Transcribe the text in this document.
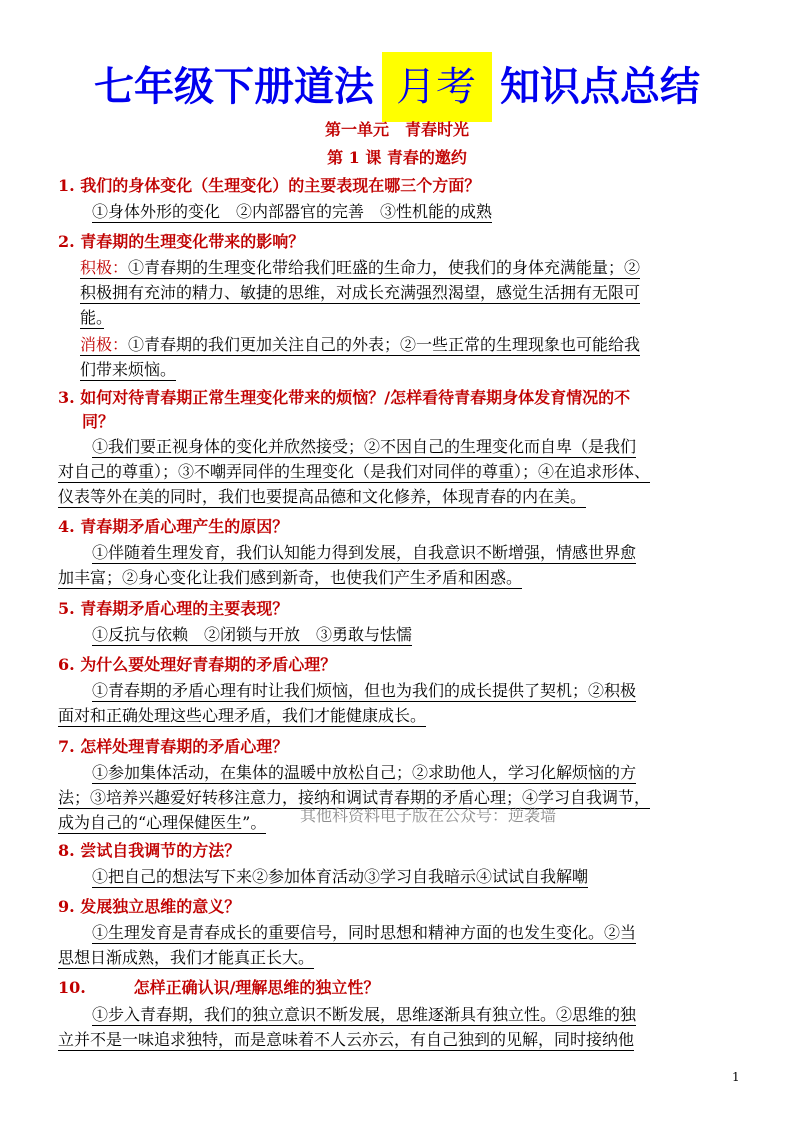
七年级下册道法 月考 知识点总结
第一单元　青春时光
第 1 课 青春的邀约
1. 我们的身体变化（生理变化）的主要表现在哪三个方面？
①身体外形的变化　②内部器官的完善　③性机能的成熟
2. 青春期的生理变化带来的影响？
积极：①青春期的生理变化带给我们旺盛的生命力，使我们的身体充满能量；②
积极拥有充沛的精力、敏捷的思维，对成长充满强烈渴望，感觉生活拥有无限可
能。　　
消极：①青春期的我们更加关注自己的外表；②一些正常的生理现象也可能给我
们带来烦恼。
3. 如何对待青春期正常生理变化带来的烦恼？/怎样看待青春期身体发育情况的不
同？
①我们要正视身体的变化并欣然接受；②不因自己的生理变化而自卑（是我们
对自己的尊重）；③不嘲弄同伴的生理变化（是我们对同伴的尊重）；④在追求形体、
仪表等外在美的同时，我们也要提高品德和文化修养，体现青春的内在美。
4. 青春期矛盾心理产生的原因？
①伴随着生理发育，我们认知能力得到发展，自我意识不断增强，情感世界愈
加丰富；②身心变化让我们感到新奇，也使我们产生矛盾和困惑。
5. 青春期矛盾心理的主要表现？
①反抗与依赖　②闭锁与开放　③勇敢与怯懦
6. 为什么要处理好青春期的矛盾心理？
①青春期的矛盾心理有时让我们烦恼，但也为我们的成长提供了契机；②积极
面对和正确处理这些心理矛盾，我们才能健康成长。
7. 怎样处理青春期的矛盾心理？
①参加集体活动，在集体的温暖中放松自己；②求助他人，学习化解烦恼的方
法；③培养兴趣爱好转移注意力，接纳和调试青春期的矛盾心理；④学习自我调节，
成为自己的“心理保健医生”。	其他科资料电子版在公众号：逆袭墙
8. 尝试自我调节的方法？
①把自己的想法写下来②参加体育活动③学习自我暗示④试试自我解嘲
9. 发展独立思维的意义？
①生理发育是青春成长的重要信号，同时思想和精神方面的也发生变化。②当
思想日渐成熟，我们才能真正长大。
10.	怎样正确认识/理解思维的独立性？
①步入青春期，我们的独立意识不断发展，思维逐渐具有独立性。②思维的独
立并不是一味追求独特，而是意味着不人云亦云，有自己独到的见解，同时接纳他
1
